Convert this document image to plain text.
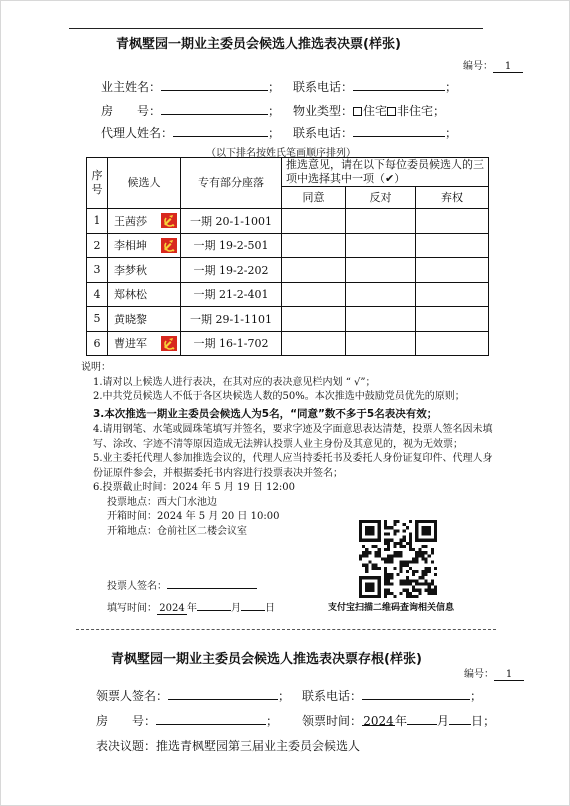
青枫墅园一期业主委员会候选人推选表决票(样张)
编号： 1
业主姓名：	； 联系电话：	；
房　　号：	； 物业类型： 住宅 非住宅；
代理人姓名：	； 联系电话：	；
（以下排名按姓氏笔画顺序排列）
序号	候选人	专有部分座落	推选意见，请在以下每位委员候选人的三项中选择其中一项（✔）		
			同意	反对	弃权
1	王茜莎	一期 20-1-1001			
2	李相坤	一期 19-2-501			
3	李梦秋	一期 19-2-202			
4	郑林松	一期 21-2-401			
5	黄晓黎	一期 29-1-1101			
6	曹进军	一期 16-1-702			

说明：

1.请对以上候选人进行表决，在其对应的表决意见栏内划 “ √”；

2.中共党员候选人不低于各区块候选人数的50%。本次推选中鼓励党员优先的原则；

3.本次推选一期业主委员会候选人为5名，“同意”数不多于5名表决有效；

4.请用钢笔、水笔或圆珠笔填写并签名，要求字迹及字面意思表达清楚，投票人签名因未填写、涂改、字迹不清等原因造成无法辨认投票人业主身份及其意见的，视为无效票；

5.业主委托代理人参加推选会议的，代理人应当持委托书及委托人身份证复印件、代理人身份证原件参会，并根据委托书内容进行投票表决并签名；

6.投票截止时间：2024 年 5 月 19 日 12:00

投票地点：西大门水池边

开箱时间：2024 年 5 月 20 日 10:00

开箱地点：仓前社区二楼会议室

投票人签名：
填写时间： 2024 年	月 日	支付宝扫描二维码查询相关信息
青枫墅园一期业主委员会候选人推选表决票存根(样张)
编号： 1
领票人签名：	； 联系电话：	；
房　　号：	； 领票时间：2024年	月 日；
表决议题：推选青枫墅园第三届业主委员会候选人
